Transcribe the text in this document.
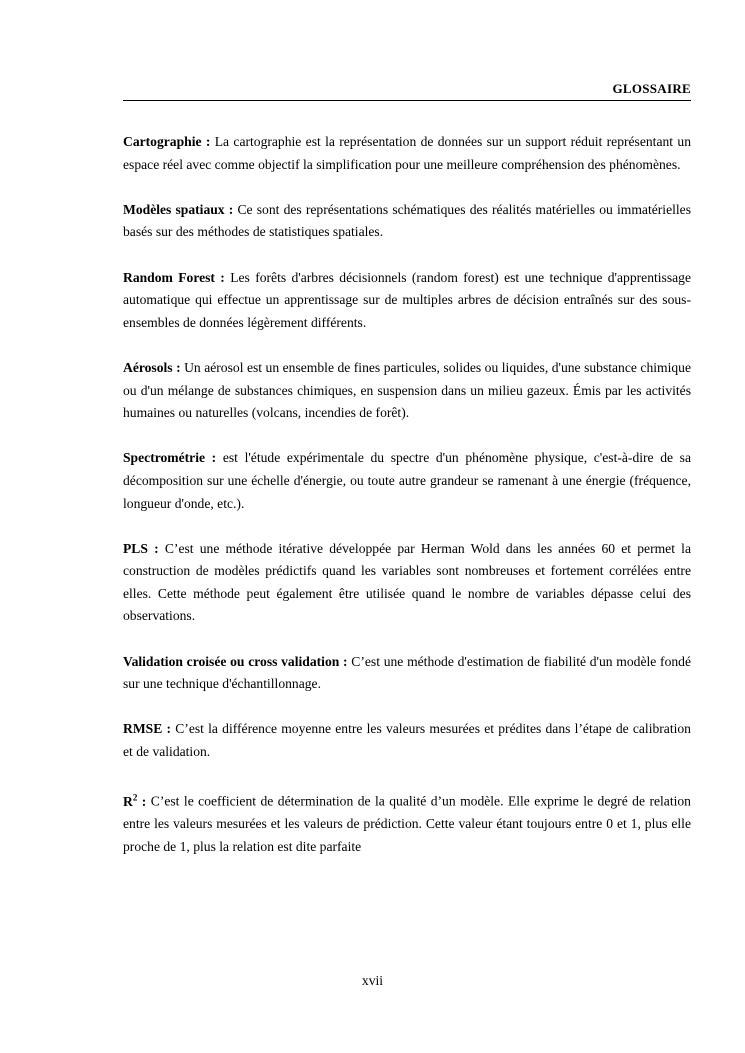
GLOSSAIRE

Cartographie : La cartographie est la représentation de données sur un support réduit représentant un espace réel avec comme objectif la simplification pour une meilleure compréhension des phénomènes.

Modèles spatiaux : Ce sont des représentations schématiques des réalités matérielles ou immatérielles basés sur des méthodes de statistiques spatiales.

Random Forest : Les forêts d'arbres décisionnels (random forest) est une technique d'apprentissage automatique qui effectue un apprentissage sur de multiples arbres de décision entraînés sur des sous-ensembles de données légèrement différents.

Aérosols : Un aérosol est un ensemble de fines particules, solides ou liquides, d'une substance chimique ou d'un mélange de substances chimiques, en suspension dans un milieu gazeux. Émis par les activités humaines ou naturelles (volcans, incendies de forêt).

Spectrométrie : est l'étude expérimentale du spectre d'un phénomène physique, c'est-à-dire de sa décomposition sur une échelle d'énergie, ou toute autre grandeur se ramenant à une énergie (fréquence, longueur d'onde, etc.).

PLS : C’est une méthode itérative développée par Herman Wold dans les années 60 et permet la construction de modèles prédictifs quand les variables sont nombreuses et fortement corrélées entre elles. Cette méthode peut également être utilisée quand le nombre de variables dépasse celui des observations.

Validation croisée ou cross validation : C’est une méthode d'estimation de fiabilité d'un modèle fondé sur une technique d'échantillonnage.

RMSE : C’est la différence moyenne entre les valeurs mesurées et prédites dans l’étape de calibration et de validation.

$R^2$ : C’est le coefficient de détermination de la qualité d’un modèle. Elle exprime le degré de relation entre les valeurs mesurées et les valeurs de prédiction. Cette valeur étant toujours entre 0 et 1, plus elle proche de 1, plus la relation est dite parfaite

xvii
